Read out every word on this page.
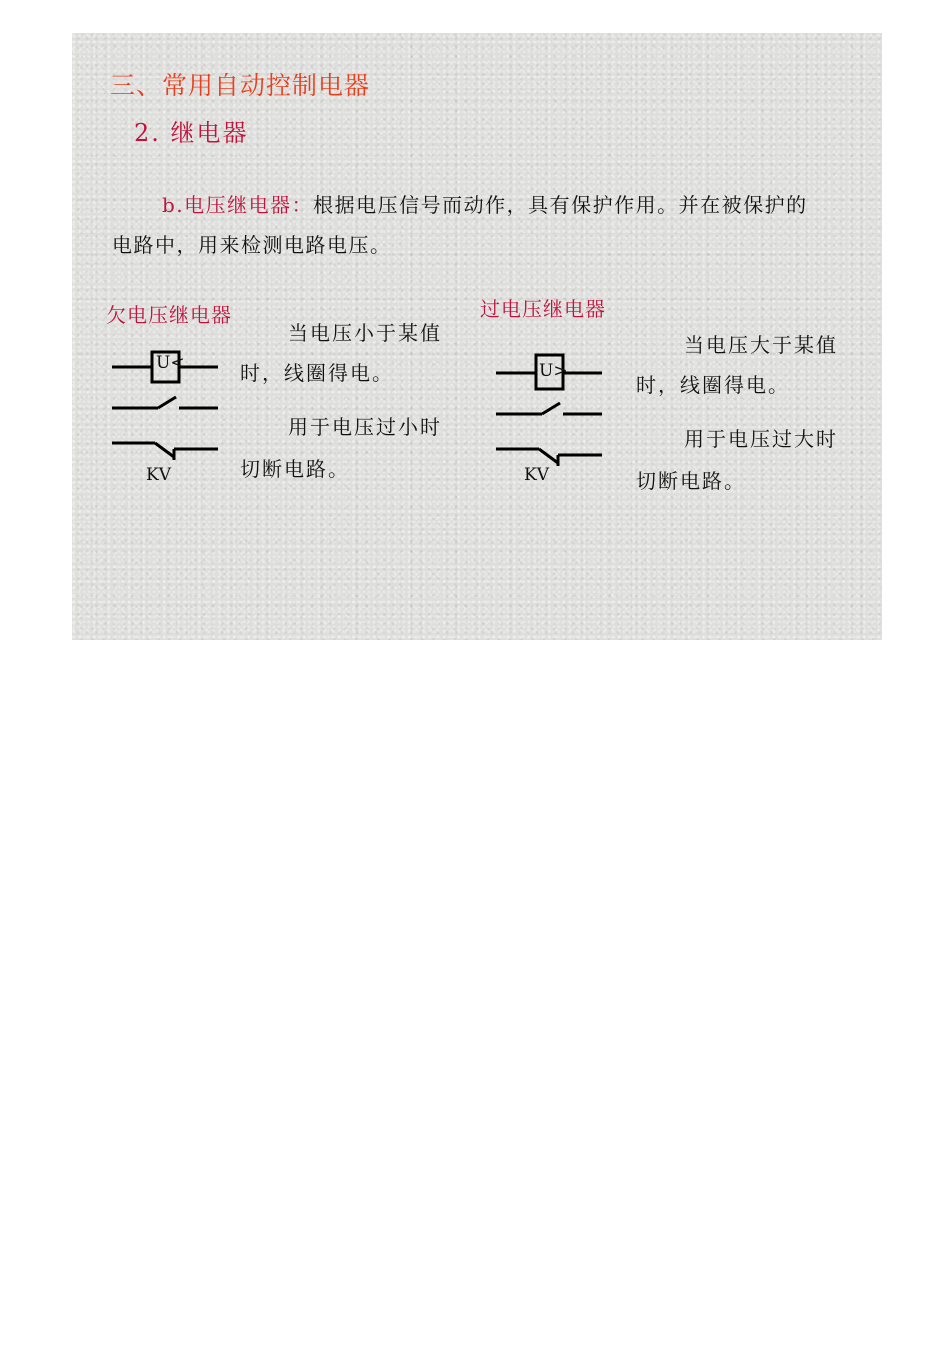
三、常用自动控制电器
2. 继电器
b.电压继电器：根据电压信号而动作，具有保护作用。并在被保护的
电路中，用来检测电路电压。
欠电压继电器
U<
KV
当电压小于某值
时，线圈得电。
用于电压过小时
切断电路。
过电压继电器
U>
KV
当电压大于某值
时，线圈得电。
用于电压过大时
切断电路。
